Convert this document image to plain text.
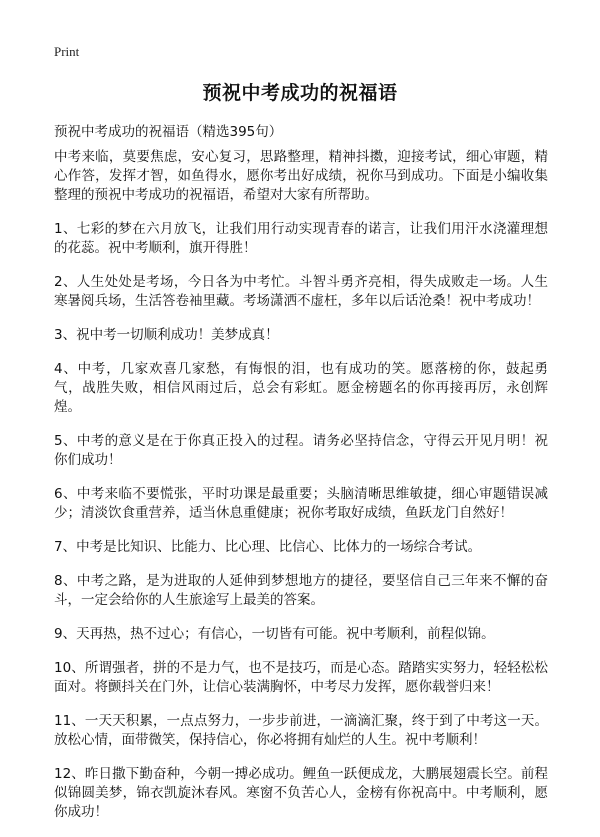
Print
预祝中考成功的祝福语
预祝中考成功的祝福语（精选395句）

中考来临，莫要焦虑，安心复习，思路整理，精神抖擞，迎接考试，细心审题，精心作答，发挥才智，如鱼得水，愿你考出好成绩，祝你马到成功。下面是小编收集整理的预祝中考成功的祝福语，希望对大家有所帮助。

1、七彩的梦在六月放飞，让我们用行动实现青春的诺言，让我们用汗水浇灌理想的花蕊。祝中考顺利，旗开得胜！

2、人生处处是考场，今日各为中考忙。斗智斗勇齐亮相，得失成败走一场。人生寒暑阅兵场，生活答卷袖里藏。考场潇洒不虚枉，多年以后话沧桑！祝中考成功！

3、祝中考一切顺利成功！美梦成真！

4、中考，几家欢喜几家愁，有悔恨的泪，也有成功的笑。愿落榜的你，鼓起勇气，战胜失败，相信风雨过后，总会有彩虹。愿金榜题名的你再接再厉，永创辉煌。

5、中考的意义是在于你真正投入的过程。请务必坚持信念，守得云开见月明！祝你们成功！

6、中考来临不要慌张，平时功课是最重要；头脑清晰思维敏捷，细心审题错误减少；清淡饮食重营养，适当休息重健康；祝你考取好成绩，鱼跃龙门自然好！

7、中考是比知识、比能力、比心理、比信心、比体力的一场综合考试。

8、中考之路，是为进取的人延伸到梦想地方的捷径，要坚信自己三年来不懈的奋斗，一定会给你的人生旅途写上最美的答案。

9、天再热，热不过心；有信心，一切皆有可能。祝中考顺利，前程似锦。

10、所谓强者，拼的不是力气，也不是技巧，而是心态。踏踏实实努力，轻轻松松面对。将颤抖关在门外，让信心装满胸怀，中考尽力发挥，愿你载誉归来！

11、一天天积累，一点点努力，一步步前进，一滴滴汇聚，终于到了中考这一天。放松心情，面带微笑，保持信心，你必将拥有灿烂的人生。祝中考顺利！

12、昨日撒下勤奋种，今朝一搏必成功。鲤鱼一跃便成龙，大鹏展翅震长空。前程似锦圆美梦，锦衣凯旋沐春风。寒窗不负苦心人，金榜有你祝高中。中考顺利，愿你成功！
